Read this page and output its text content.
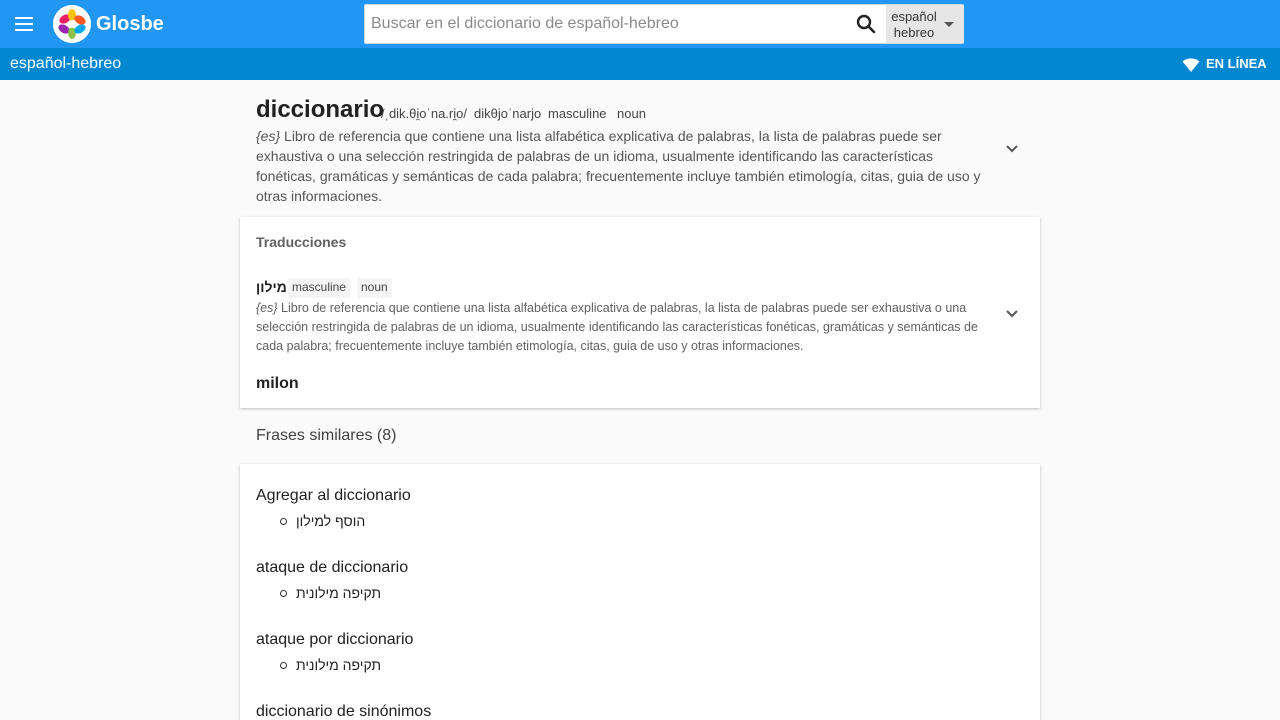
Glosbe
Buscar en el diccionario de español-hebreo	español
hebreo
español-hebreo	EN LÍNEA
diccionario
/ˌdik.θi̯oˈna.ri̯o/ dikθjoˈnarjo masculine noun
{es} Libro de referencia que contiene una lista alfabética explicativa de palabras, la lista de palabras puede ser exhaustiva o una selección restringida de palabras de un idioma, usualmente identificando las características fonéticas, gramáticas y semánticas de cada palabra; frecuentemente incluye también etimología, citas, guia de uso y otras informaciones.
Traducciones
מילון masculine	noun
{es} Libro de referencia que contiene una lista alfabética explicativa de palabras, la lista de palabras puede ser exhaustiva o una selección restringida de palabras de un idioma, usualmente identificando las características fonéticas, gramáticas y semánticas de cada palabra; frecuentemente incluye también etimología, citas, guia de uso y otras informaciones.
milon
Frases similares (8)
Agregar al diccionario
הוסף למילון
ataque de diccionario
תקיפה מילונית
ataque por diccionario
תקיפה מילונית
diccionario de sinónimos
